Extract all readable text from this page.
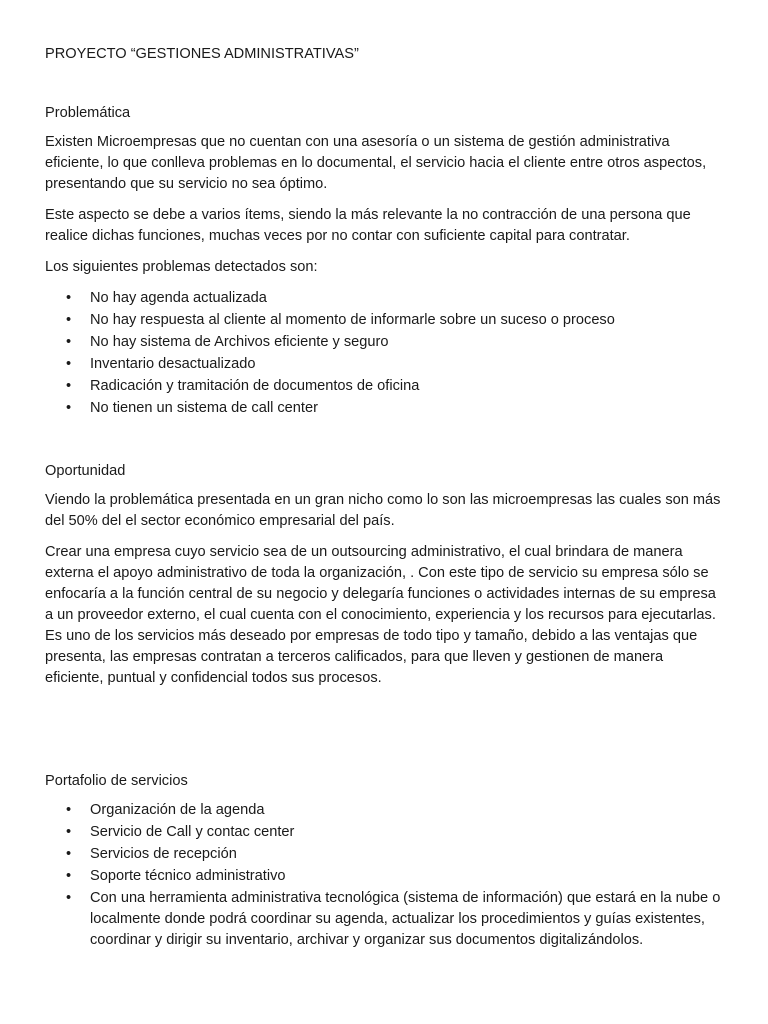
PROYECTO “GESTIONES ADMINISTRATIVAS”
Problemática

Existen Microempresas que no cuentan con una asesoría o un sistema de gestión administrativa eficiente, lo que conlleva problemas en lo documental, el servicio hacia el cliente entre otros aspectos, presentando que su servicio no sea óptimo.

Este aspecto se debe a varios ítems, siendo la más relevante la no contracción de una persona que realice dichas funciones, muchas veces por no contar con suficiente capital para contratar.

Los siguientes problemas detectados son:

• No hay agenda actualizada
• No hay respuesta al cliente al momento de informarle sobre un suceso o proceso
• No hay sistema de Archivos eficiente y seguro
• Inventario desactualizado
• Radicación y tramitación de documentos de oficina
• No tienen un sistema de call center
Oportunidad

Viendo la problemática presentada en un gran nicho como lo son las microempresas las cuales son más del 50% del el sector económico empresarial del país.

Crear una empresa cuyo servicio sea de un outsourcing administrativo, el cual brindara de manera externa el apoyo administrativo de toda la organización, . Con este tipo de servicio su empresa sólo se enfocaría a la función central de su negocio y delegaría funciones o actividades internas de su empresa a un proveedor externo, el cual cuenta con el conocimiento, experiencia y los recursos para ejecutarlas. Es uno de los servicios más deseado por empresas de todo tipo y tamaño, debido a las ventajas que presenta, las empresas contratan a terceros calificados, para que lleven y gestionen de manera eficiente, puntual y confidencial todos sus procesos.

Portafolio de servicios
• Organización de la agenda
• Servicio de Call y contac center
• Servicios de recepción
• Soporte técnico administrativo
• Con una herramienta administrativa tecnológica (sistema de información) que estará en la nube o localmente donde podrá coordinar su agenda, actualizar los procedimientos y guías existentes, coordinar y dirigir su inventario, archivar y organizar sus documentos digitalizándolos.
